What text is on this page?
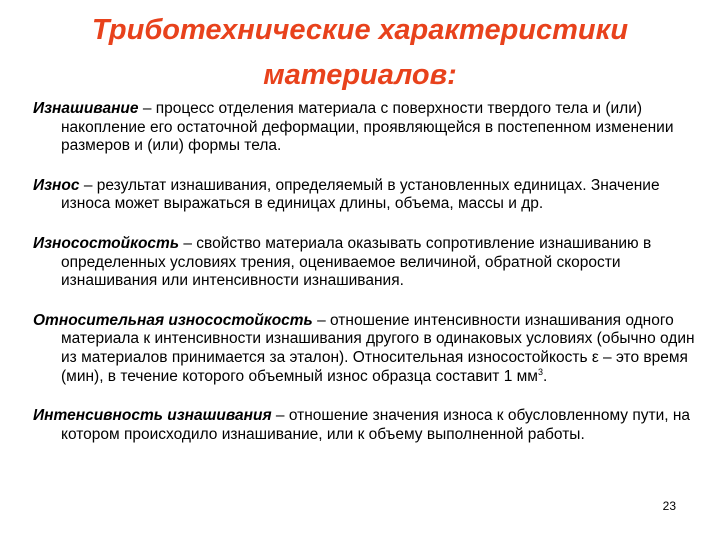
Триботехнические характеристики
материалов:

Изнашивание – процесс отделения материала с поверхности твердого тела и (или) накопление его остаточной деформации, проявляющейся в постепенном изменении размеров и (или) формы тела.

Износ – результат изнашивания, определяемый в установленных единицах. Значение износа может выражаться в единицах длины, объема, массы и др.

Износостойкость – свойство материала оказывать сопротивление изнашиванию в определенных условиях трения, оцениваемое величиной, обратной скорости изнашивания или интенсивности изнашивания.

Относительная износостойкость – отношение интенсивности изнашивания одного материала к интенсивности изнашивания другого в одинаковых условиях (обычно один из материалов принимается за эталон). Относительная износостойкость ε – это время (мин), в течение которого объемный износ образца составит 1 $мм^3$.

Интенсивность изнашивания – отношение значения износа к обусловленному пути, на котором происходило изнашивание, или к объему выполненной работы.

23
